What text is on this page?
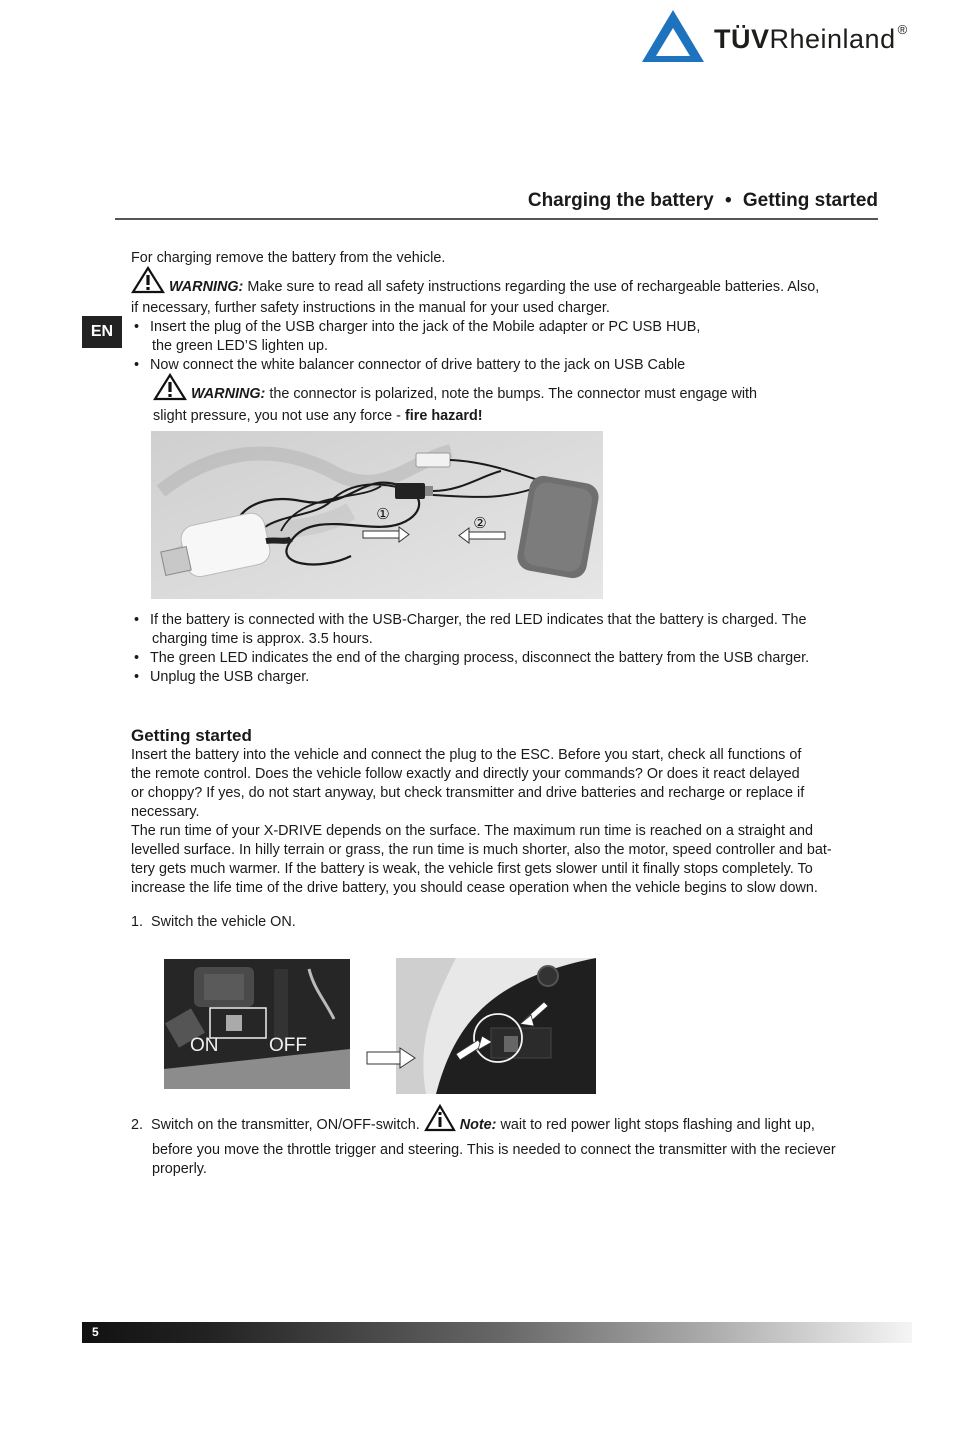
TÜVRheinland ®
Charging the battery • Getting started
EN
For charging remove the battery from the vehicle.
WARNING: Make sure to read all safety instructions regarding the use of rechargeable batteries. Also,
if necessary, further safety instructions in the manual for your used charger.
• Insert the plug of the USB charger into the jack of the Mobile adapter or PC USB HUB,
the green LED’S lighten up.
• Now connect the white balancer connector of drive battery to the jack on USB Cable
WARNING: the connector is polarized, note the bumps. The connector must engage with
slight pressure, you not use any force - fire hazard!
①	②
• If the battery is connected with the USB-Charger, the red LED indicates that the battery is charged. The
charging time is approx. 3.5 hours.
• The green LED indicates the end of the charging process, disconnect the battery from the USB charger.
• Unplug the USB charger.
Getting started
Insert the battery into the vehicle and connect the plug to the ESC. Before you start, check all functions of
the remote control. Does the vehicle follow exactly and directly your commands? Or does it react delayed
or choppy? If yes, do not start anyway, but check transmitter and drive batteries and recharge or replace if
necessary.
The run time of your X-DRIVE depends on the surface. The maximum run time is reached on a straight and
levelled surface. In hilly terrain or grass, the run time is much shorter, also the motor, speed controller and bat-
tery gets much warmer. If the battery is weak, the vehicle first gets slower until it finally stops completely. To
increase the life time of the drive battery, you should cease operation when the vehicle begins to slow down.
1. Switch the vehicle ON.
ON	OFF
2. Switch on the transmitter, ON/OFF-switch.	Note: wait to red power light stops flashing and light up,
before you move the throttle trigger and steering. This is needed to connect the transmitter with the reciever
properly.
5
